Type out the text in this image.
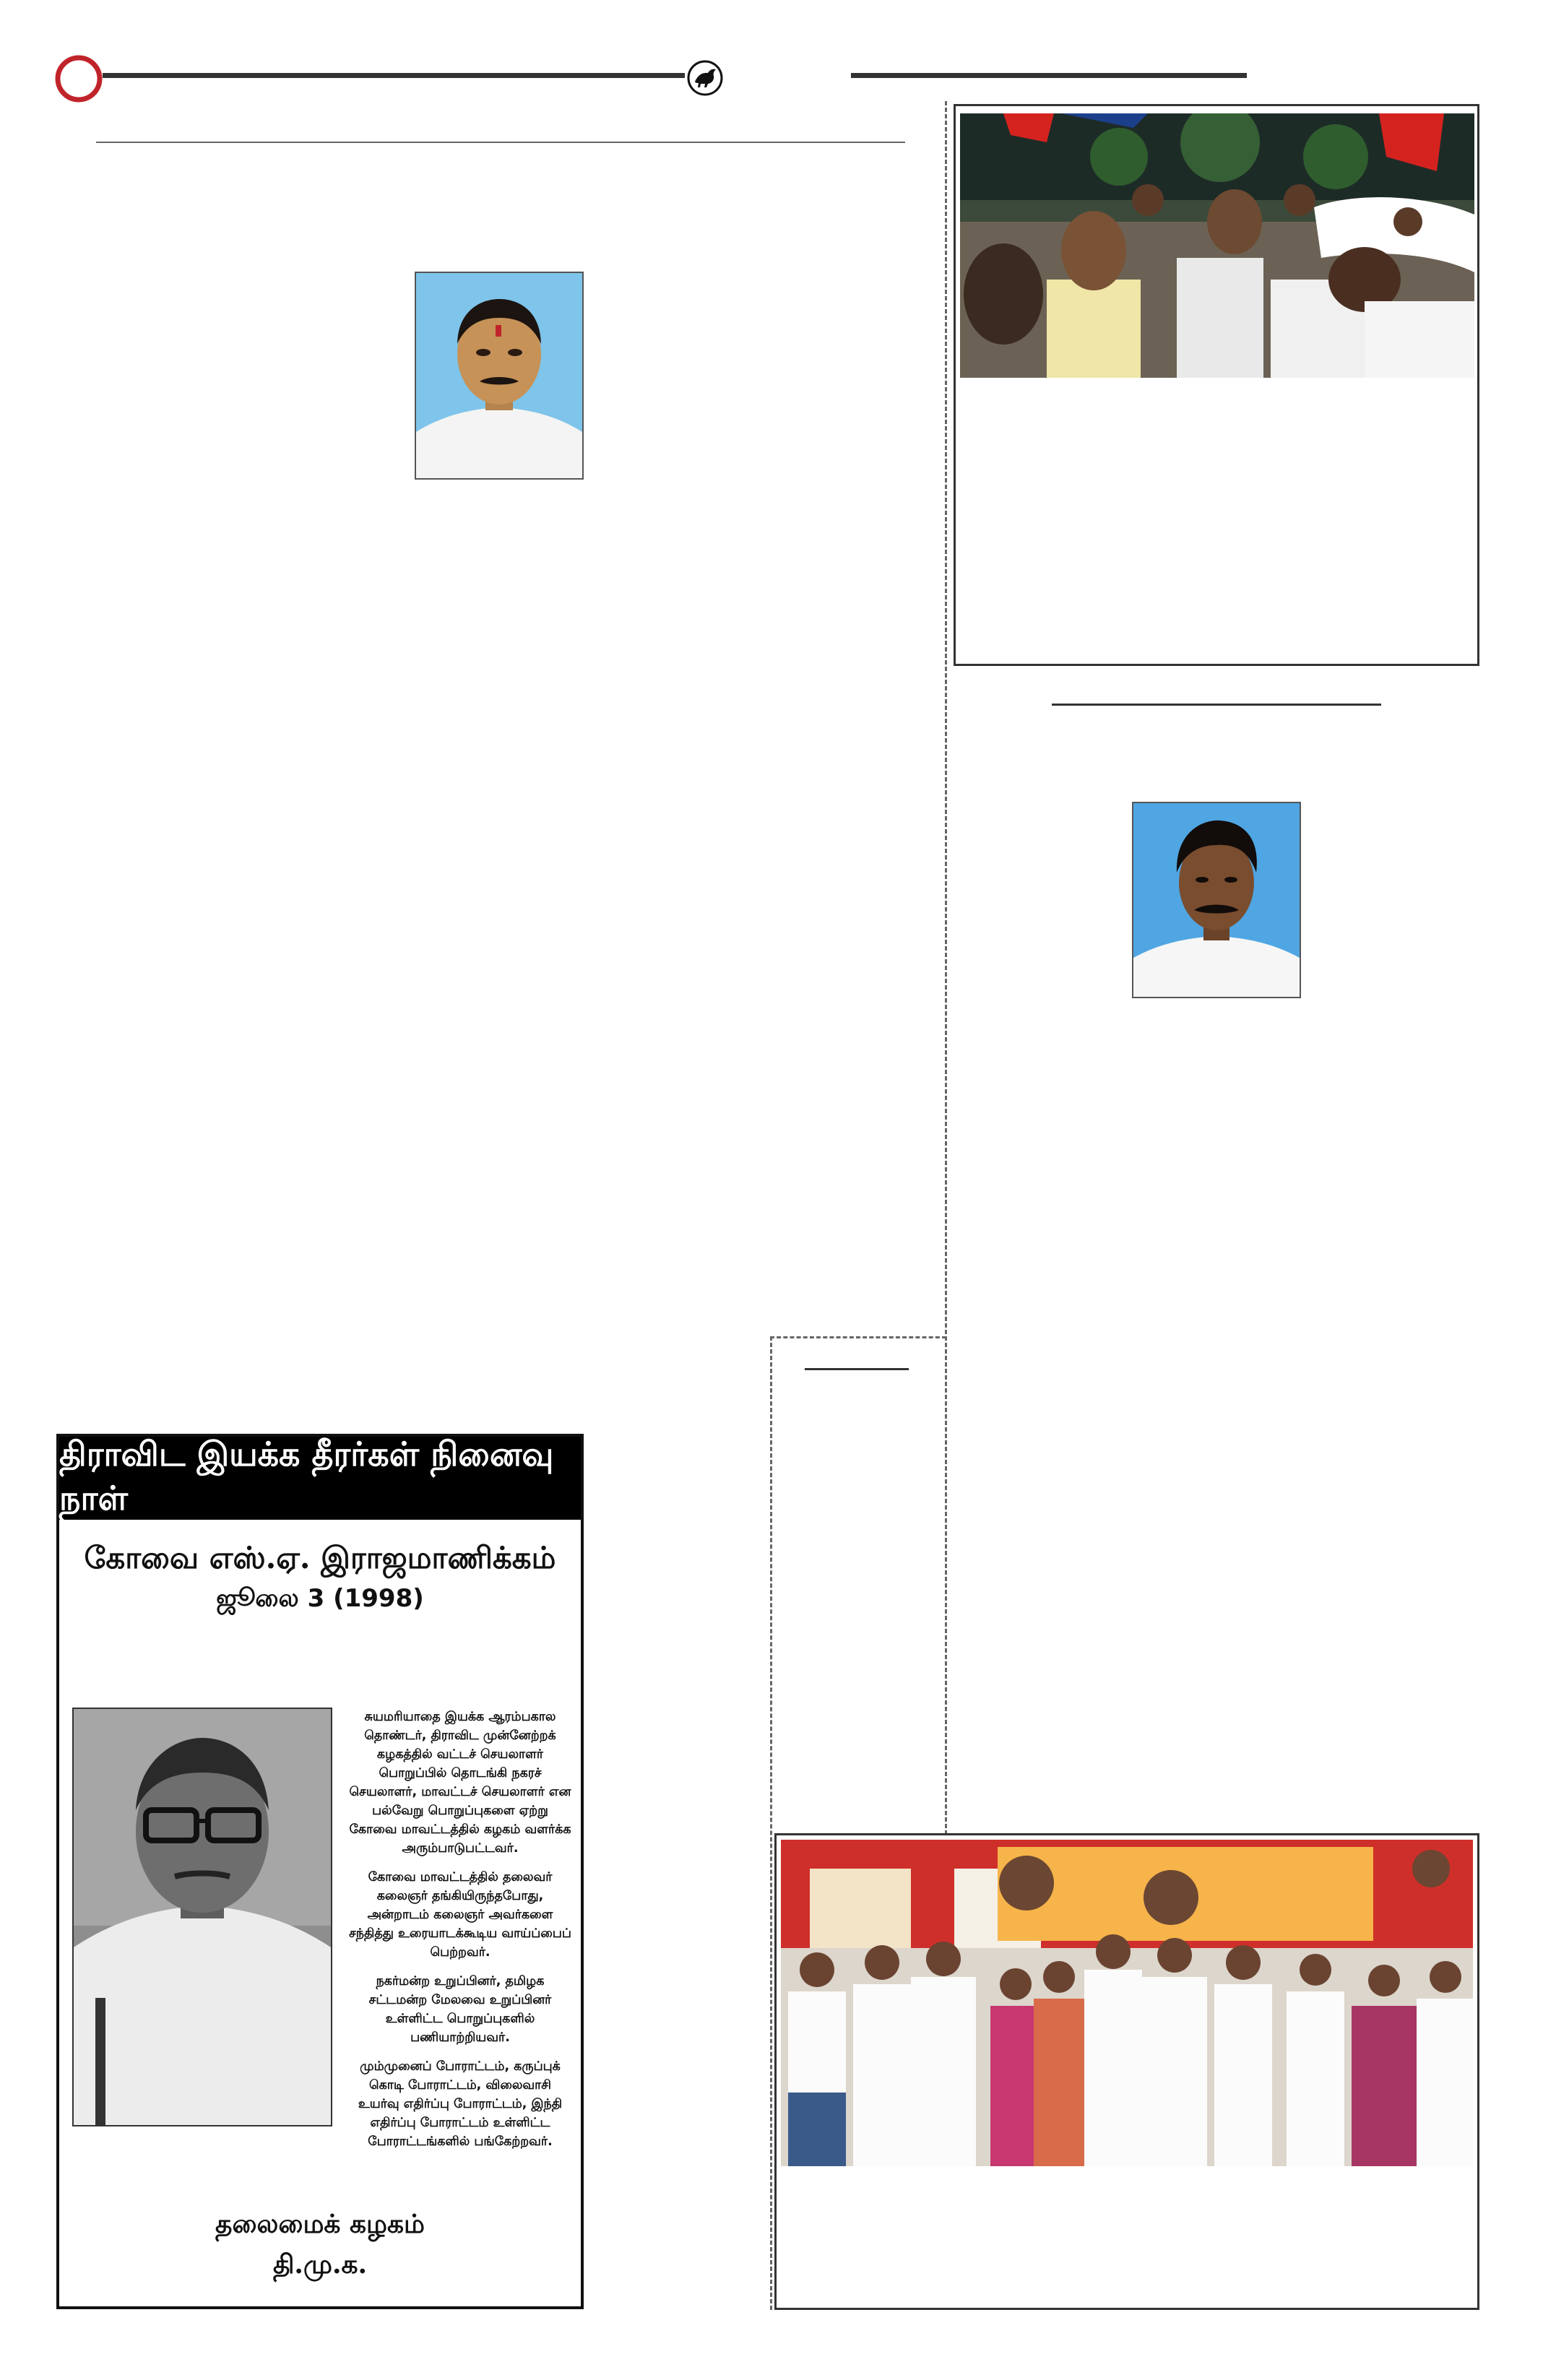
திராவிட இயக்க தீரர்கள் நினைவு நாள்
கோவை எஸ்.ஏ. இராஜமாணிக்கம்
ஜூலை 3 (1998)

சுயமரியாதை இயக்க ஆரம்பகால தொண்டர், திராவிட முன்னேற்றக் கழகத்தில் வட்டச் செயலாளர் பொறுப்பில் தொடங்கி நகரச் செயலாளர், மாவட்டச் செயலாளர் என பல்வேறு பொறுப்புகளை ஏற்று கோவை மாவட்டத்தில் கழகம் வளர்க்க அரும்பாடுபட்டவர்.

கோவை மாவட்டத்தில் தலைவர் கலைஞர் தங்கியிருந்தபோது, அன்றாடம் கலைஞர் அவர்களை சந்தித்து உரையாடக்கூடிய வாய்ப்பைப் பெற்றவர்.

நகர்மன்ற உறுப்பினர், தமிழக சட்டமன்ற மேலவை உறுப்பினர் உள்ளிட்ட பொறுப்புகளில் பணியாற்றியவர்.

மும்முனைப் போராட்டம், கருப்புக் கொடி போராட்டம், விலைவாசி உயர்வு எதிர்ப்பு போராட்டம், இந்தி எதிர்ப்பு போராட்டம் உள்ளிட்ட போராட்டங்களில் பங்கேற்றவர்.

தலைமைக் கழகம்
தி.மு.க.
